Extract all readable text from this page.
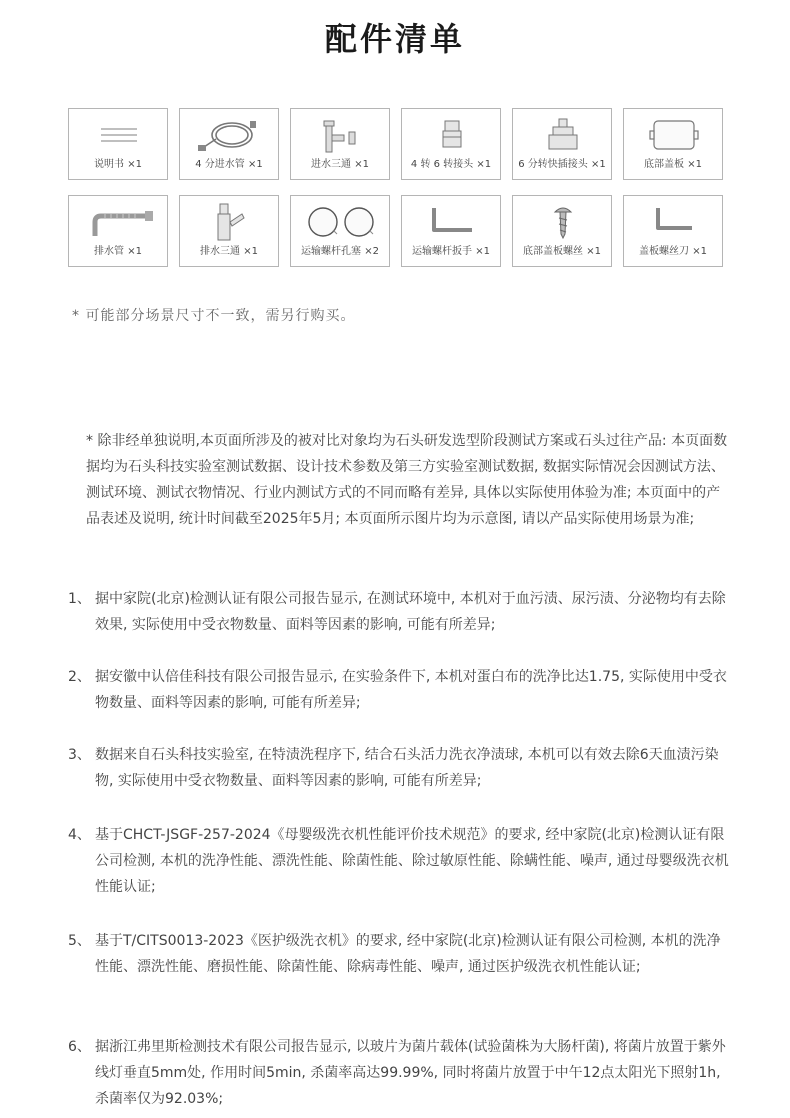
配件清单
说明书 ×1	4 分进水管 ×1	进水三通 ×1	4 转 6 转接头 ×1	6 分转快插接头 ×1	底部盖板 ×1
排水管 ×1	排水三通 ×1	运输螺杆孔塞 ×2	运输螺杆扳手 ×1	底部盖板螺丝 ×1	盖板螺丝刀 ×1
* 可能部分场景尺寸不一致，需另行购买。
* 除非经单独说明,本页面所涉及的被对比对象均为石头研发选型阶段测试方案或石头过往产品: 本页面数据均为石头科技实验室测试数据、设计技术参数及第三方实验室测试数据, 数据实际情况会因测试方法、测试环境、测试衣物情况、行业内测试方式的不同而略有差异, 具体以实际使用体验为准; 本页面中的产品表述及说明, 统计时间截至2025年5月; 本页面所示图片均为示意图, 请以产品实际使用场景为准;
1、 据中家院(北京)检测认证有限公司报告显示, 在测试环境中, 本机对于血污渍、尿污渍、分泌物均有去除效果, 实际使用中受衣物数量、面料等因素的影响, 可能有所差异;
2、 据安徽中认倍佳科技有限公司报告显示, 在实验条件下, 本机对蛋白布的洗净比达1.75, 实际使用中受衣物数量、面料等因素的影响, 可能有所差异;
3、 数据来自石头科技实验室, 在特渍洗程序下, 结合石头活力洗衣净渍球, 本机可以有效去除6天血渍污染物, 实际使用中受衣物数量、面料等因素的影响, 可能有所差异;
4、 基于CHCT-JSGF-257-2024《母婴级洗衣机性能评价技术规范》的要求, 经中家院(北京)检测认证有限公司检测, 本机的洗净性能、漂洗性能、除菌性能、除过敏原性能、除螨性能、噪声, 通过母婴级洗衣机性能认证;
5、 基于T/CITS0013-2023《医护级洗衣机》的要求, 经中家院(北京)检测认证有限公司检测, 本机的洗净性能、漂洗性能、磨损性能、除菌性能、除病毒性能、噪声, 通过医护级洗衣机性能认证;
6、 据浙江弗里斯检测技术有限公司报告显示, 以玻片为菌片载体(试验菌株为大肠杆菌), 将菌片放置于紫外线灯垂直5mm处, 作用时间5min, 杀菌率高达99.99%, 同时将菌片放置于中午12点太阳光下照射1h, 杀菌率仅为92.03%;
